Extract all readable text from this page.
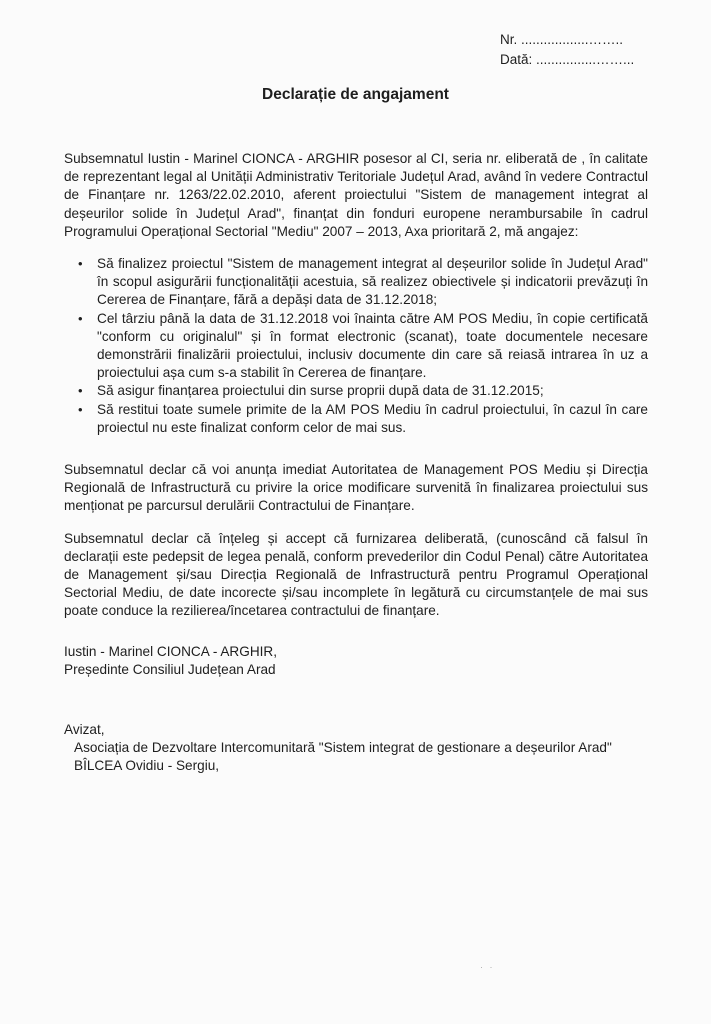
Nr. ..................……..
Dată: ................……...
Declarație de angajament

Subsemnatul Iustin - Marinel CIONCA - ARGHIR posesor al CI, seria nr. eliberată de , în calitate de reprezentant legal al Unității Administrativ Teritoriale Județul Arad, având în vedere Contractul de Finanțare nr. 1263/22.02.2010, aferent proiectului "Sistem de management integrat al deșeurilor solide în Județul Arad", finanțat din fonduri europene nerambursabile în cadrul Programului Operațional Sectorial "Mediu" 2007 – 2013, Axa prioritară 2, mă angajez:

• Să finalizez proiectul "Sistem de management integrat al deșeurilor solide în Județul Arad" în scopul asigurării funcționalității acestuia, să realizez obiectivele și indicatorii prevăzuți în Cererea de Finanțare, fără a depăși data de 31.12.2018;
• Cel târziu până la data de 31.12.2018 voi înainta către AM POS Mediu, în copie certificată "conform cu originalul" și în format electronic (scanat), toate documentele necesare demonstrării finalizării proiectului, inclusiv documente din care să reiasă intrarea în uz a proiectului așa cum s-a stabilit în Cererea de finanțare.
• Să asigur finanțarea proiectului din surse proprii după data de 31.12.2015;
• Să restitui toate sumele primite de la AM POS Mediu în cadrul proiectului, în cazul în care proiectul nu este finalizat conform celor de mai sus.

Subsemnatul declar că voi anunța imediat Autoritatea de Management POS Mediu și Direcția Regională de Infrastructură cu privire la orice modificare survenită în finalizarea proiectului sus menționat pe parcursul derulării Contractului de Finanțare.

Subsemnatul declar că înțeleg și accept că furnizarea deliberată, (cunoscând că falsul în declarații este pedepsit de legea penală, conform prevederilor din Codul Penal) către Autoritatea de Management și/sau Direcția Regională de Infrastructură pentru Programul Operațional Sectorial Mediu, de date incorecte și/sau incomplete în legătură cu circumstanțele de mai sus poate conduce la rezilierea/încetarea contractului de finanțare.

Iustin - Marinel CIONCA - ARGHIR,
Președinte Consiliul Județean Arad
Avizat,
Asociația de Dezvoltare Intercomunitară "Sistem integrat de gestionare a deșeurilor Arad"
BÎLCEA Ovidiu - Sergiu,
· ·
